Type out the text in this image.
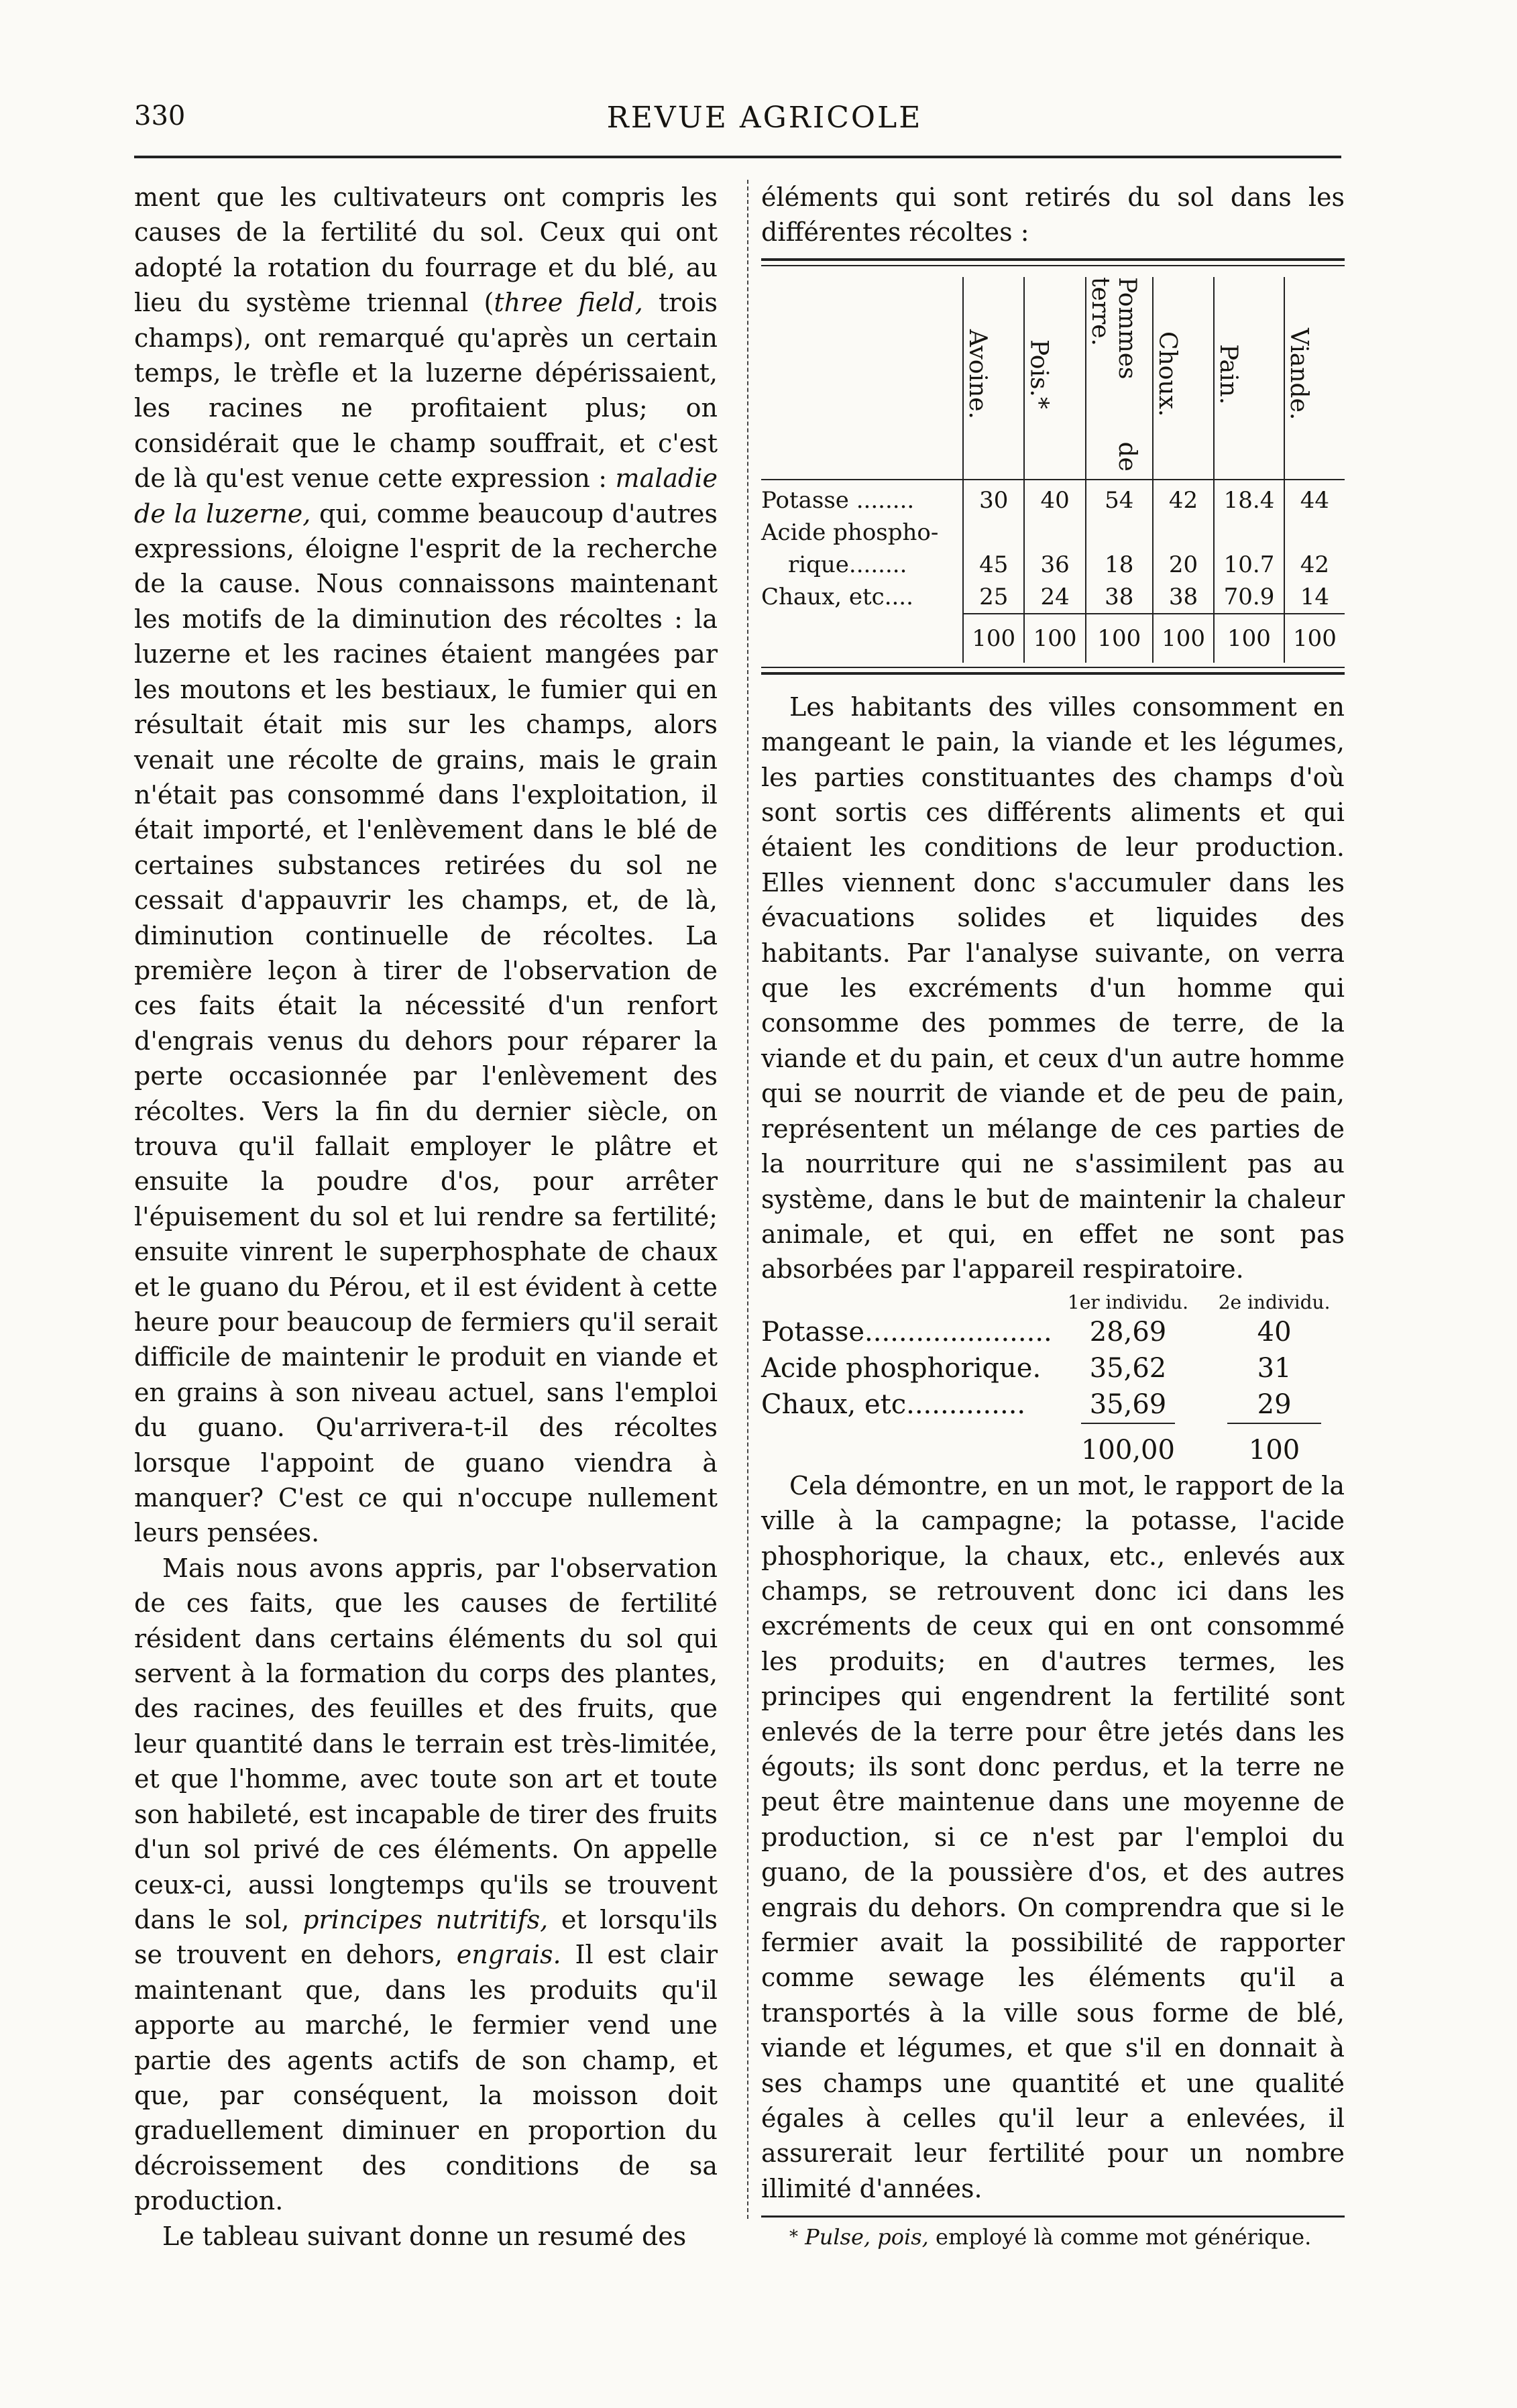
330	REVUE AGRICOLE

ment que les cultivateurs ont compris les causes de la fertilité du sol. Ceux qui ont adopté la rotation du fourrage et du blé, au lieu du système triennal (three field, trois champs), ont remarqué qu'après un certain temps, le trèfle et la luzerne dépérissaient, les racines ne profitaient plus; on considérait que le champ souffrait, et c'est de là qu'est venue cette expression : maladie de la luzerne, qui, comme beaucoup d'autres expressions, éloigne l'esprit de la recherche de la cause. Nous connaissons maintenant les motifs de la diminution des récoltes : la luzerne et les racines étaient mangées par les moutons et les bestiaux, le fumier qui en résultait était mis sur les champs, alors venait une récolte de grains, mais le grain n'était pas consommé dans l'exploitation, il était importé, et l'enlèvement dans le blé de certaines substances retirées du sol ne cessait d'appauvrir les champs, et, de là, diminution continuelle de récoltes. La première leçon à tirer de l'observation de ces faits était la nécessité d'un renfort d'engrais venus du dehors pour réparer la perte occasionnée par l'enlèvement des récoltes. Vers la fin du dernier siècle, on trouva qu'il fallait employer le plâtre et ensuite la poudre d'os, pour arrêter l'épuisement du sol et lui rendre sa fertilité; ensuite vinrent le superphosphate de chaux et le guano du Pérou, et il est évident à cette heure pour beaucoup de fermiers qu'il serait difficile de maintenir le produit en viande et en grains à son niveau actuel, sans l'emploi du guano. Qu'arrivera-t-il des récoltes lorsque l'appoint de guano viendra à manquer? C'est ce qui n'occupe nullement leurs pensées.

Mais nous avons appris, par l'observation de ces faits, que les causes de fertilité résident dans certains éléments du sol qui servent à la formation du corps des plantes, des racines, des feuilles et des fruits, que leur quantité dans le terrain est très-limitée, et que l'homme, avec toute son art et toute son habileté, est incapable de tirer des fruits d'un sol privé de ces éléments. On appelle ceux-ci, aussi longtemps qu'ils se trouvent dans le sol, principes nutritifs, et lorsqu'ils se trouvent en dehors, engrais. Il est clair maintenant que, dans les produits qu'il apporte au marché, le fermier vend une partie des agents actifs de son champ, et que, par conséquent, la moisson doit graduellement diminuer en proportion du décroissement des conditions de sa production.

Le tableau suivant donne un resumé des

éléments qui sont retirés du sol dans les différentes récoltes :

	Avoine.	Pois.*	Pommes de terre.	Choux.	Pain.	Viande.
Potasse ........	30	40	54	42	18.4	44
Acide phospho-						
rique........	45	36	18	20	10.7	42
Chaux, etc....	25	24	38	38	70.9	14
	100	100	100	100	100	100

Les habitants des villes consomment en mangeant le pain, la viande et les légumes, les parties constituantes des champs d'où sont sortis ces différents aliments et qui étaient les conditions de leur production. Elles viennent donc s'accumuler dans les évacuations solides et liquides des habitants. Par l'analyse suivante, on verra que les excréments d'un homme qui consomme des pommes de terre, de la viande et du pain, et ceux d'un autre homme qui se nourrit de viande et de peu de pain, représentent un mélange de ces parties de la nourriture qui ne s'assimilent pas au système, dans le but de maintenir la chaleur animale, et qui, en effet ne sont pas absorbées par l'appareil respiratoire.

	1er individu.	2e individu.
Potasse......................	28,69	40
Acide phosphorique.	35,62	31
Chaux, etc..............	35,69	29
	100,00	100

Cela démontre, en un mot, le rapport de la ville à la campagne; la potasse, l'acide phosphorique, la chaux, etc., enlevés aux champs, se retrouvent donc ici dans les excréments de ceux qui en ont consommé les produits; en d'autres termes, les principes qui engendrent la fertilité sont enlevés de la terre pour être jetés dans les égouts; ils sont donc perdus, et la terre ne peut être maintenue dans une moyenne de production, si ce n'est par l'emploi du guano, de la poussière d'os, et des autres engrais du dehors. On comprendra que si le fermier avait la possibilité de rapporter comme sewage les éléments qu'il a transportés à la ville sous forme de blé, viande et légumes, et que s'il en donnait à ses champs une quantité et une qualité égales à celles qu'il leur a enlevées, il assurerait leur fertilité pour un nombre illimité d'années.

* Pulse, pois, employé là comme mot générique.
